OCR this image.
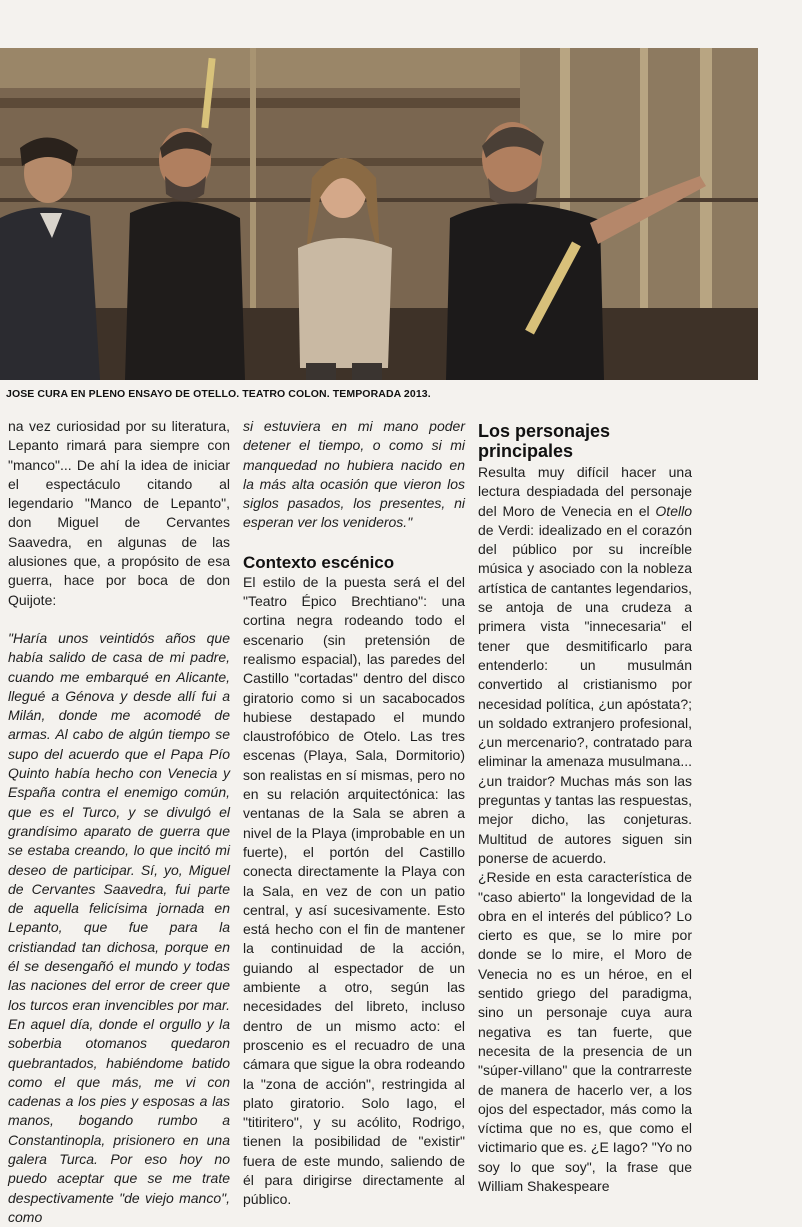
JOSE CURA EN PLENO ENSAYO DE OTELLO. TEATRO COLON. TEMPORADA 2013.

na vez curiosidad por su literatura, Lepanto rimará para siempre con "manco"... De ahí la idea de iniciar el espectáculo citando al legendario "Manco de Lepanto", don Miguel de Cervantes Saavedra, en algunas de las alusiones que, a propósito de esa guerra, hace por boca de don Quijote:

"Haría unos veintidós años que había salido de casa de mi padre, cuando me embarqué en Alicante, llegué a Génova y desde allí fui a Milán, donde me acomodé de armas. Al cabo de algún tiempo se supo del acuerdo que el Papa Pío Quinto había hecho con Venecia y España contra el enemigo común, que es el Turco, y se divulgó el grandísimo aparato de guerra que se estaba creando, lo que incitó mi deseo de participar. Sí, yo, Miguel de Cervantes Saavedra, fui parte de aquella felicísima jornada en Lepanto, que fue para la cristiandad tan dichosa, porque en él se desengañó el mundo y todas las naciones del error de creer que los turcos eran invencibles por mar. En aquel día, donde el orgullo y la soberbia otomanos quedaron quebrantados, habiéndome batido como el que más, me vi con cadenas a los pies y esposas a las manos, bogando rumbo a Constantinopla, prisionero en una galera Turca. Por eso hoy no puedo aceptar que se me trate despectivamente "de viejo manco", como

si estuviera en mi mano poder detener el tiempo, o como si mi manquedad no hubiera nacido en la más alta ocasión que vieron los siglos pasados, los presentes, ni esperan ver los venideros."

Contexto escénico

El estilo de la puesta será el del "Teatro Épico Brechtiano": una cortina negra rodeando todo el escenario (sin pretensión de realismo espacial), las paredes del Castillo "cortadas" dentro del disco giratorio como si un sacabocados hubiese destapado el mundo claustrofóbico de Otelo. Las tres escenas (Playa, Sala, Dormitorio) son realistas en sí mismas, pero no en su relación arquitectónica: las ventanas de la Sala se abren a nivel de la Playa (improbable en un fuerte), el portón del Castillo conecta directamente la Playa con la Sala, en vez de con un patio central, y así sucesivamente. Esto está hecho con el fin de mantener la continuidad de la acción, guiando al espectador de un ambiente a otro, según las necesidades del libreto, incluso dentro de un mismo acto: el proscenio es el recuadro de una cámara que sigue la obra rodeando la "zona de acción", restringida al plato giratorio. Solo Iago, el "titiritero", y su acólito, Rodrigo, tienen la posibilidad de "existir" fuera de este mundo, saliendo de él para dirigirse directamente al público.

Los personajes principales

Resulta muy difícil hacer una lectura despiadada del personaje del Moro de Venecia en el Otello de Verdi: idealizado en el corazón del público por su increíble música y asociado con la nobleza artística de cantantes legendarios, se antoja de una crudeza a primera vista "innecesaria" el tener que desmitificarlo para entenderlo: un musulmán convertido al cristianismo por necesidad política, ¿un apóstata?; un soldado extranjero profesional, ¿un mercenario?, contratado para eliminar la amenaza musulmana... ¿un traidor? Muchas más son las preguntas y tantas las respuestas, mejor dicho, las conjeturas. Multitud de autores siguen sin ponerse de acuerdo.

¿Reside en esta característica de "caso abierto" la longevidad de la obra en el interés del público? Lo cierto es que, se lo mire por donde se lo mire, el Moro de Venecia no es un héroe, en el sentido griego del paradigma, sino un personaje cuya aura negativa es tan fuerte, que necesita de la presencia de un "súper-villano" que la contrarreste de manera de hacerlo ver, a los ojos del espectador, más como la víctima que no es, que como el victimario que es. ¿E Iago? "Yo no soy lo que soy", la frase que William Shakespeare
